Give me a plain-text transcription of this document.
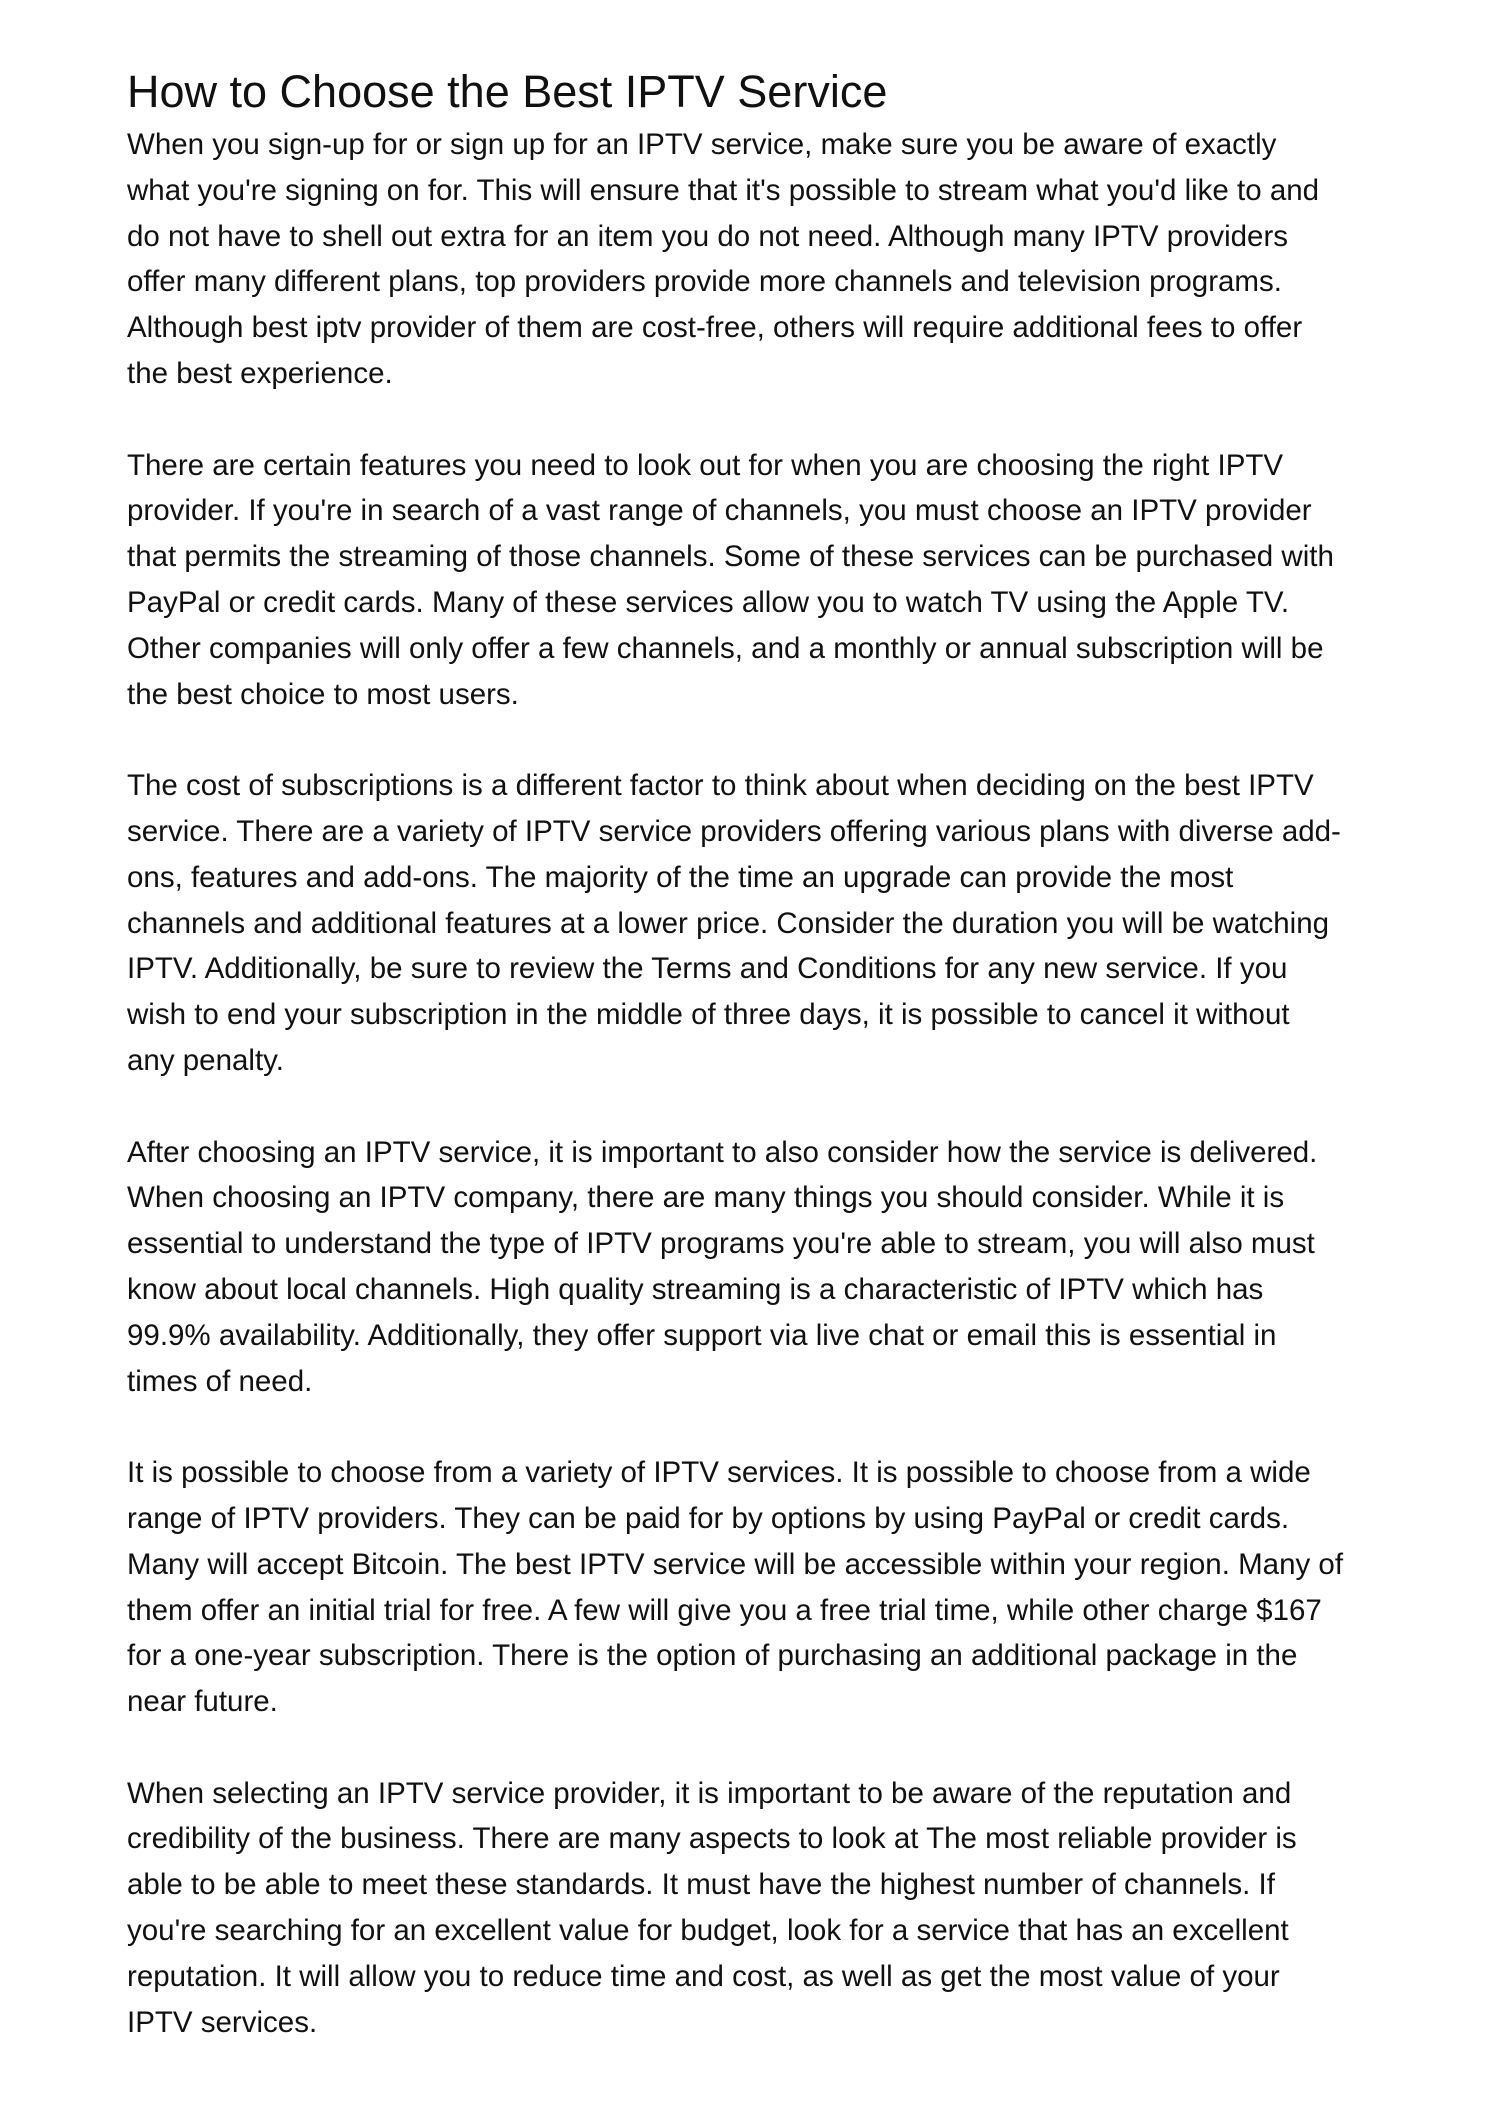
How to Choose the Best IPTV Service

When you sign-up for or sign up for an IPTV service, make sure you be aware of exactly
what you're signing on for. This will ensure that it's possible to stream what you'd like to and
do not have to shell out extra for an item you do not need. Although many IPTV providers
offer many different plans, top providers provide more channels and television programs.
Although best iptv provider of them are cost-free, others will require additional fees to offer
the best experience.

There are certain features you need to look out for when you are choosing the right IPTV
provider. If you're in search of a vast range of channels, you must choose an IPTV provider
that permits the streaming of those channels. Some of these services can be purchased with
PayPal or credit cards. Many of these services allow you to watch TV using the Apple TV.
Other companies will only offer a few channels, and a monthly or annual subscription will be
the best choice to most users.

The cost of subscriptions is a different factor to think about when deciding on the best IPTV
service. There are a variety of IPTV service providers offering various plans with diverse add-
ons, features and add-ons. The majority of the time an upgrade can provide the most
channels and additional features at a lower price. Consider the duration you will be watching
IPTV. Additionally, be sure to review the Terms and Conditions for any new service. If you
wish to end your subscription in the middle of three days, it is possible to cancel it without
any penalty.

After choosing an IPTV service, it is important to also consider how the service is delivered.
When choosing an IPTV company, there are many things you should consider. While it is
essential to understand the type of IPTV programs you're able to stream, you will also must
know about local channels. High quality streaming is a characteristic of IPTV which has
99.9% availability. Additionally, they offer support via live chat or email this is essential in
times of need.

It is possible to choose from a variety of IPTV services. It is possible to choose from a wide
range of IPTV providers. They can be paid for by options by using PayPal or credit cards.
Many will accept Bitcoin. The best IPTV service will be accessible within your region. Many of
them offer an initial trial for free. A few will give you a free trial time, while other charge $167
for a one-year subscription. There is the option of purchasing an additional package in the
near future.

When selecting an IPTV service provider, it is important to be aware of the reputation and
credibility of the business. There are many aspects to look at The most reliable provider is
able to be able to meet these standards. It must have the highest number of channels. If
you're searching for an excellent value for budget, look for a service that has an excellent
reputation. It will allow you to reduce time and cost, as well as get the most value of your
IPTV services.
